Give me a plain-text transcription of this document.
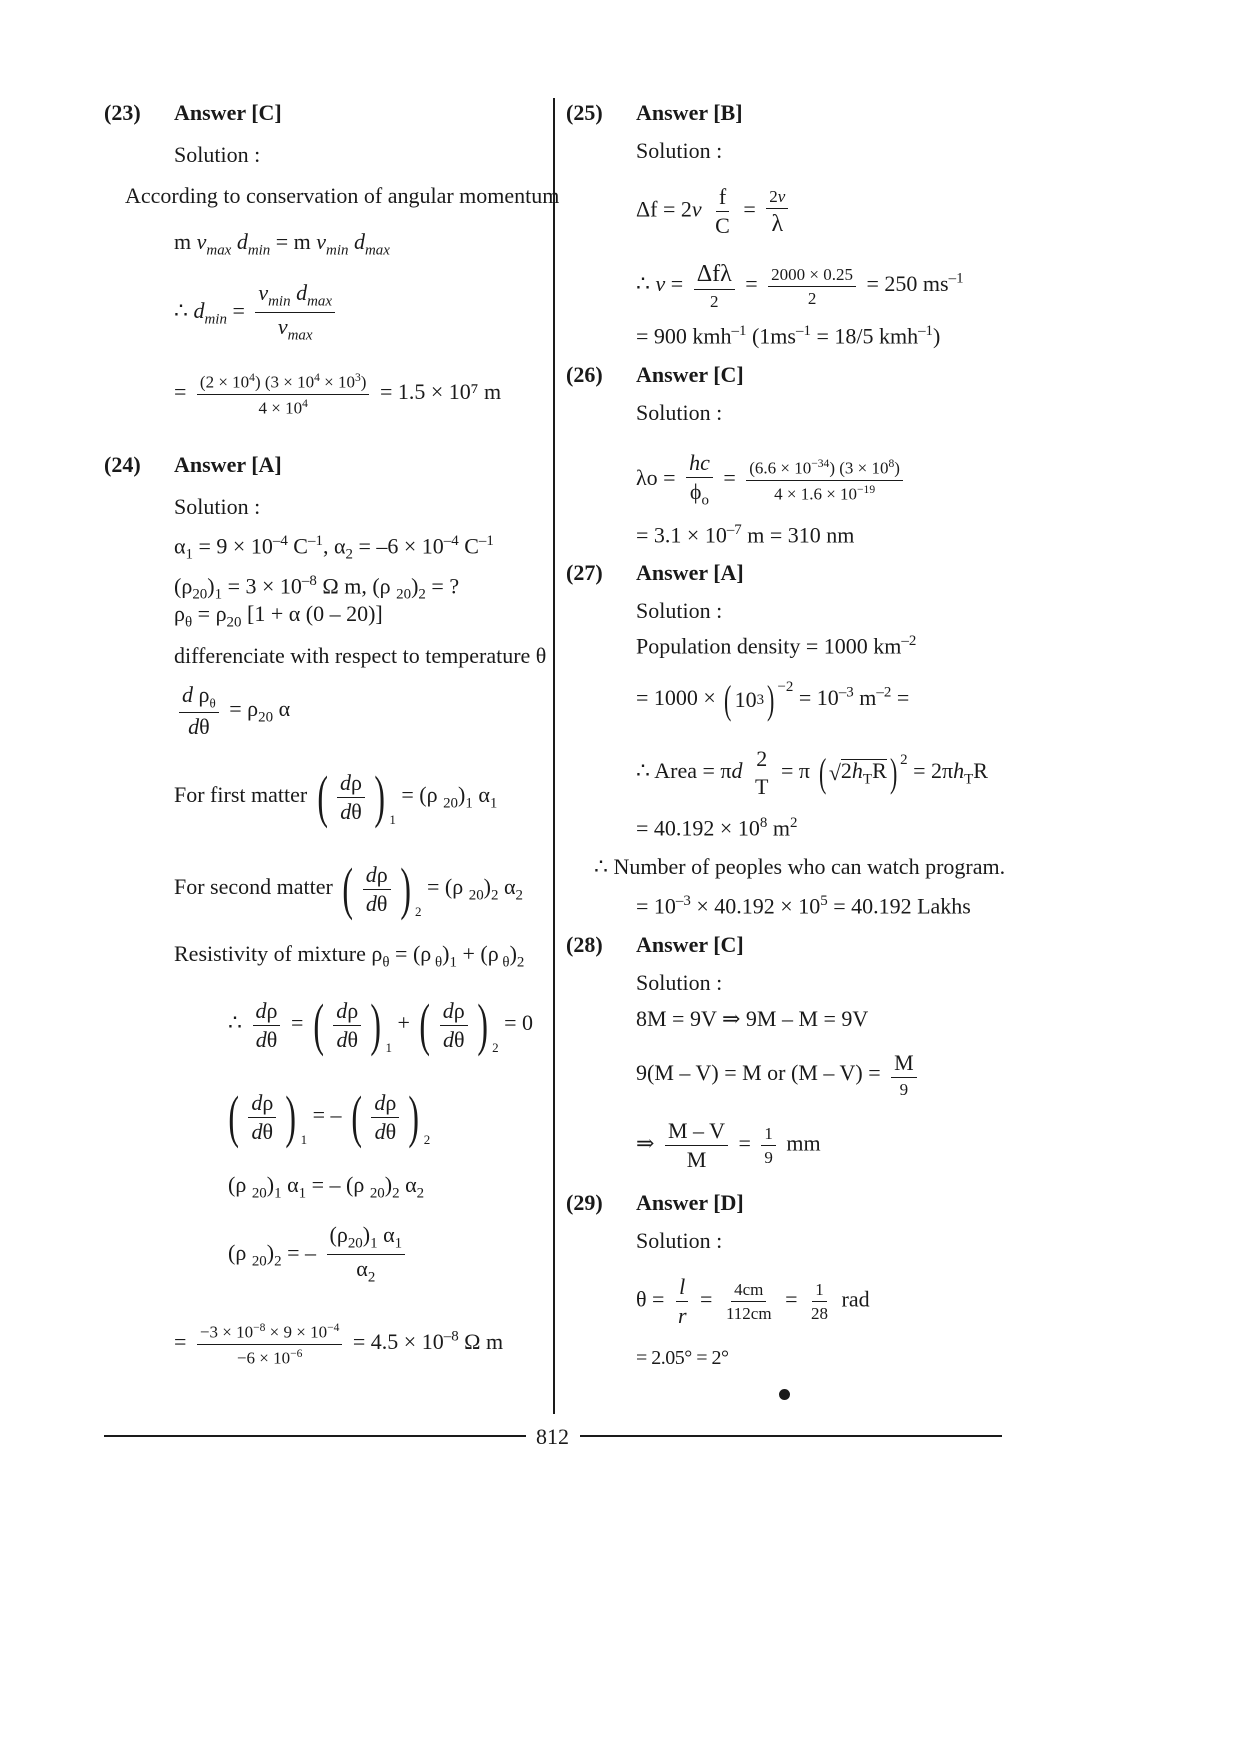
812
(23) Answer [C]
Solution :
According to conservation of angular momentum
m $v_{max}$ $d_{min} = m$ $v_{min}$ $d_{max}$
∴ $d_{min} = \frac{v_{min} d_{max}}{v_{max}}$
= $\frac{(2 \times 10^4) (3 \times 10^4 \times 10^3)}{4 \times 10^4} = 1.5 \times 10^7$ m
(24) Answer [A]
Solution :
$\alpha_1 = 9 \times 10^{-4}$ $C^{-1}$, $\alpha_2 = -6 \times 10^{-4}$ $C^{-1}$
$(\rho_{20})_1 = 3 \times 10^{-8}$ Ω m, (ρ $_{20})_2$ = ?
$\rho_\theta = \rho_{20}$ [1 + α (0 – 20)]
differenciate with respect to temperature θ
$\frac{d \rho_\theta}{d\theta} = \rho_{20}$ α
For first matter ( $\frac{d\rho}{d\theta}$ ) $_1$
= (ρ $_{20})_1$ $\alpha_1$
For second matter ( $\frac{d\rho}{d\theta}$ ) $_2$
= (ρ $_{20})_2$ $\alpha_2$
Resistivity of mixture $\rho_\theta = (\rho$ $_\theta)_1 + (\rho$ $_\theta)_2$
∴ $\frac{d\rho}{d\theta}$ = ( $\frac{d\rho}{d\theta}$ ) $_1$
+ ( $\frac{d\rho}{d\theta}$ ) $_2$
= 0
( $\frac{d\rho}{d\theta}$ ) $_1$
= – ( $\frac{d\rho}{d\theta}$ ) $_2$
(ρ $_{20})_1$ $\alpha_1$ = – (ρ $_{20})_2$ $\alpha_2$
(ρ $_{20})_2$ = – $\frac{(\rho_{20})_1 \alpha_1}{\alpha_2}$
= $\frac{-3 \times 10^{-8} \times 9 \times 10^{-4}}{-6 \times 10^{-6}} = 4.5 \times 10^{-8}$ Ω m
(25) Answer [B]
Solution :
$\Delta f = 2v \frac{f}{C} = \frac{2v}{\lambda}$
∴ $v = \frac{\text{Δfλ}}{2} = \frac{2000 \times 0.25}{2} = 250$ $ms^{-1}$
= 900 kmh$^{-1}$ ($1ms^{-1} = 18/5$ kmh$^{-1}$)
(26) Answer [C]
Solution :
$\lambda o = \frac{hc}{\phi_o} = \frac{(6.6 \times 10^{-34}) (3 \times 10^8)}{4 \times 1.6 \times 10^{-19}}$
= $3.1 \times 10^{-7}$ m = 310 nm
(27) Answer [A]
Solution :
Population density = 1000 $km^{-2}$
= 1000 × ( 10 3 )$^{-2} = 10^{-3}$ $m^{-2}$ =
∴ Area = πd 2
T
= π ( √ $2h_TR$ )$^2 = 2\pi h_TR$
= $40.192 \times 10^8$ $m^2$
∴ Number of peoples who can watch program.
= $10^{-3} \times 40.192 \times 10^5 = 40.192$ Lakhs
(28) Answer [C]
Solution :
8M = 9V ⇒ 9M – M = 9V
9(M – V) = M or $(M - V) = \frac{M}{9}$
⇒ $\frac{M - V}{M} = \frac{1}{9}$ mm
(29) Answer [D]
Solution :
$\theta = \frac{l}{r} = \frac{4cm}{112cm} = \frac{1}{28}$ rad
= 2.05° = 2°
